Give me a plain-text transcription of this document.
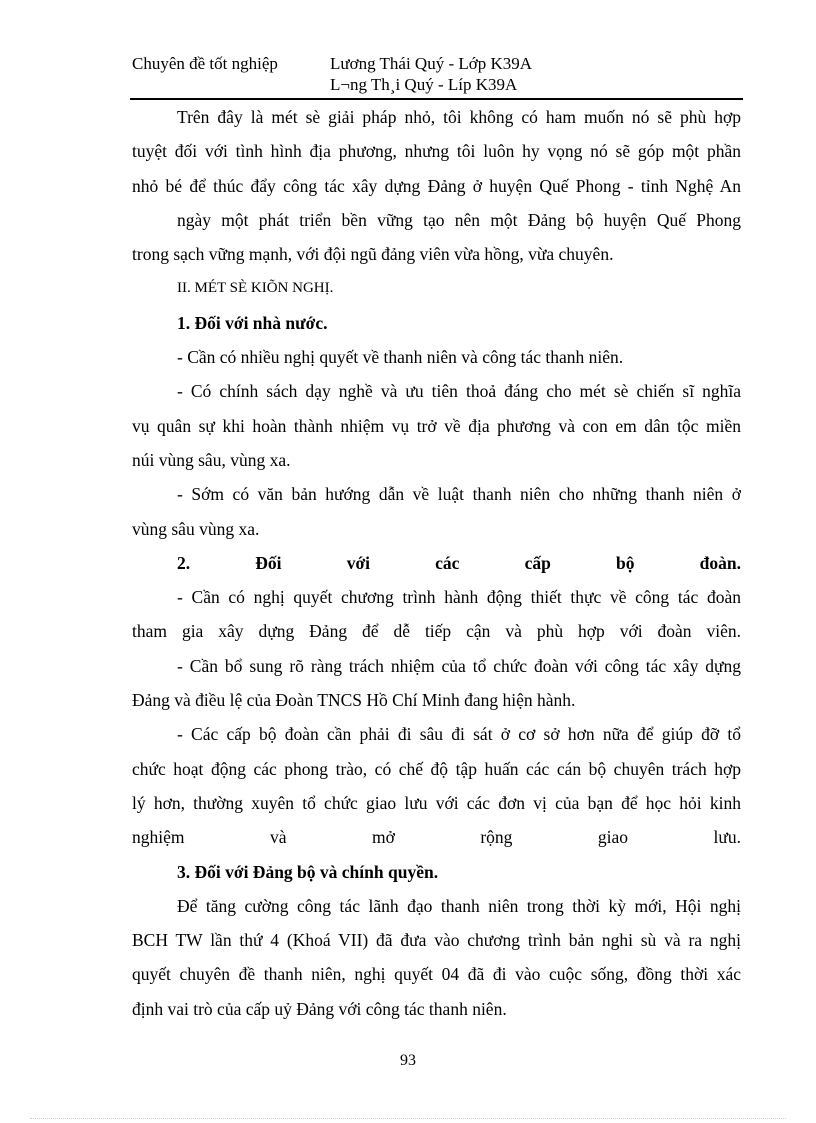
Chuyên đề tốt nghiệp	Lương Thái Quý - Lớp K39A
L¬ng Th¸i Quý - Líp K39A
Trên đây là mét sè giải pháp nhỏ, tôi không có ham muốn nó sẽ phù hợp
tuyệt đối với tình hình địa phương, nhưng tôi luôn hy vọng nó sẽ góp một phần
nhỏ bé để thúc đẩy công tác xây dựng Đảng ở huyện Quế Phong - tỉnh Nghệ An
ngày một phát triển bền vững tạo nên một Đảng bộ huyện Quế Phong
trong sạch vững mạnh, với đội ngũ đảng viên vừa hồng, vừa chuyên.
II. MÉT SÈ KIÕN NGHỊ.
1. Đối với nhà nước.
- Cần có nhiều nghị quyết về thanh niên và công tác thanh niên.
- Có chính sách dạy nghề và ưu tiên thoả đáng cho mét sè chiến sĩ nghĩa
vụ quân sự khi hoàn thành nhiệm vụ trở về địa phương và con em dân tộc miền
núi vùng sâu, vùng xa.
- Sớm có văn bản hướng dẫn về luật thanh niên cho những thanh niên ở
vùng sâu vùng xa.
2. Đối với các cấp bộ đoàn.
- Cần có nghị quyết chương trình hành động thiết thực về công tác đoàn
tham gia xây dựng Đảng để dễ tiếp cận và phù hợp với đoàn viên.
- Cần bổ sung rõ ràng trách nhiệm của tổ chức đoàn với công tác xây dựng
Đảng và điều lệ của Đoàn TNCS Hồ Chí Minh đang hiện hành.
- Các cấp bộ đoàn cần phải đi sâu đi sát ở cơ sở hơn nữa để giúp đỡ tổ
chức hoạt động các phong trào, có chế độ tập huấn các cán bộ chuyên trách hợp
lý hơn, thường xuyên tổ chức giao lưu với các đơn vị của bạn để học hỏi kinh
nghiệm và mở rộng giao lưu.
3. Đối với Đảng bộ và chính quyền.
Để tăng cường công tác lãnh đạo thanh niên trong thời kỳ mới, Hội nghị
BCH TW lần thứ 4 (Khoá VII) đã đưa vào chương trình bản nghi sù và ra nghị
quyết chuyên đề thanh niên, nghị quyết 04 đã đi vào cuộc sống, đồng thời xác
định vai trò của cấp uỷ Đảng với công tác thanh niên.
93
